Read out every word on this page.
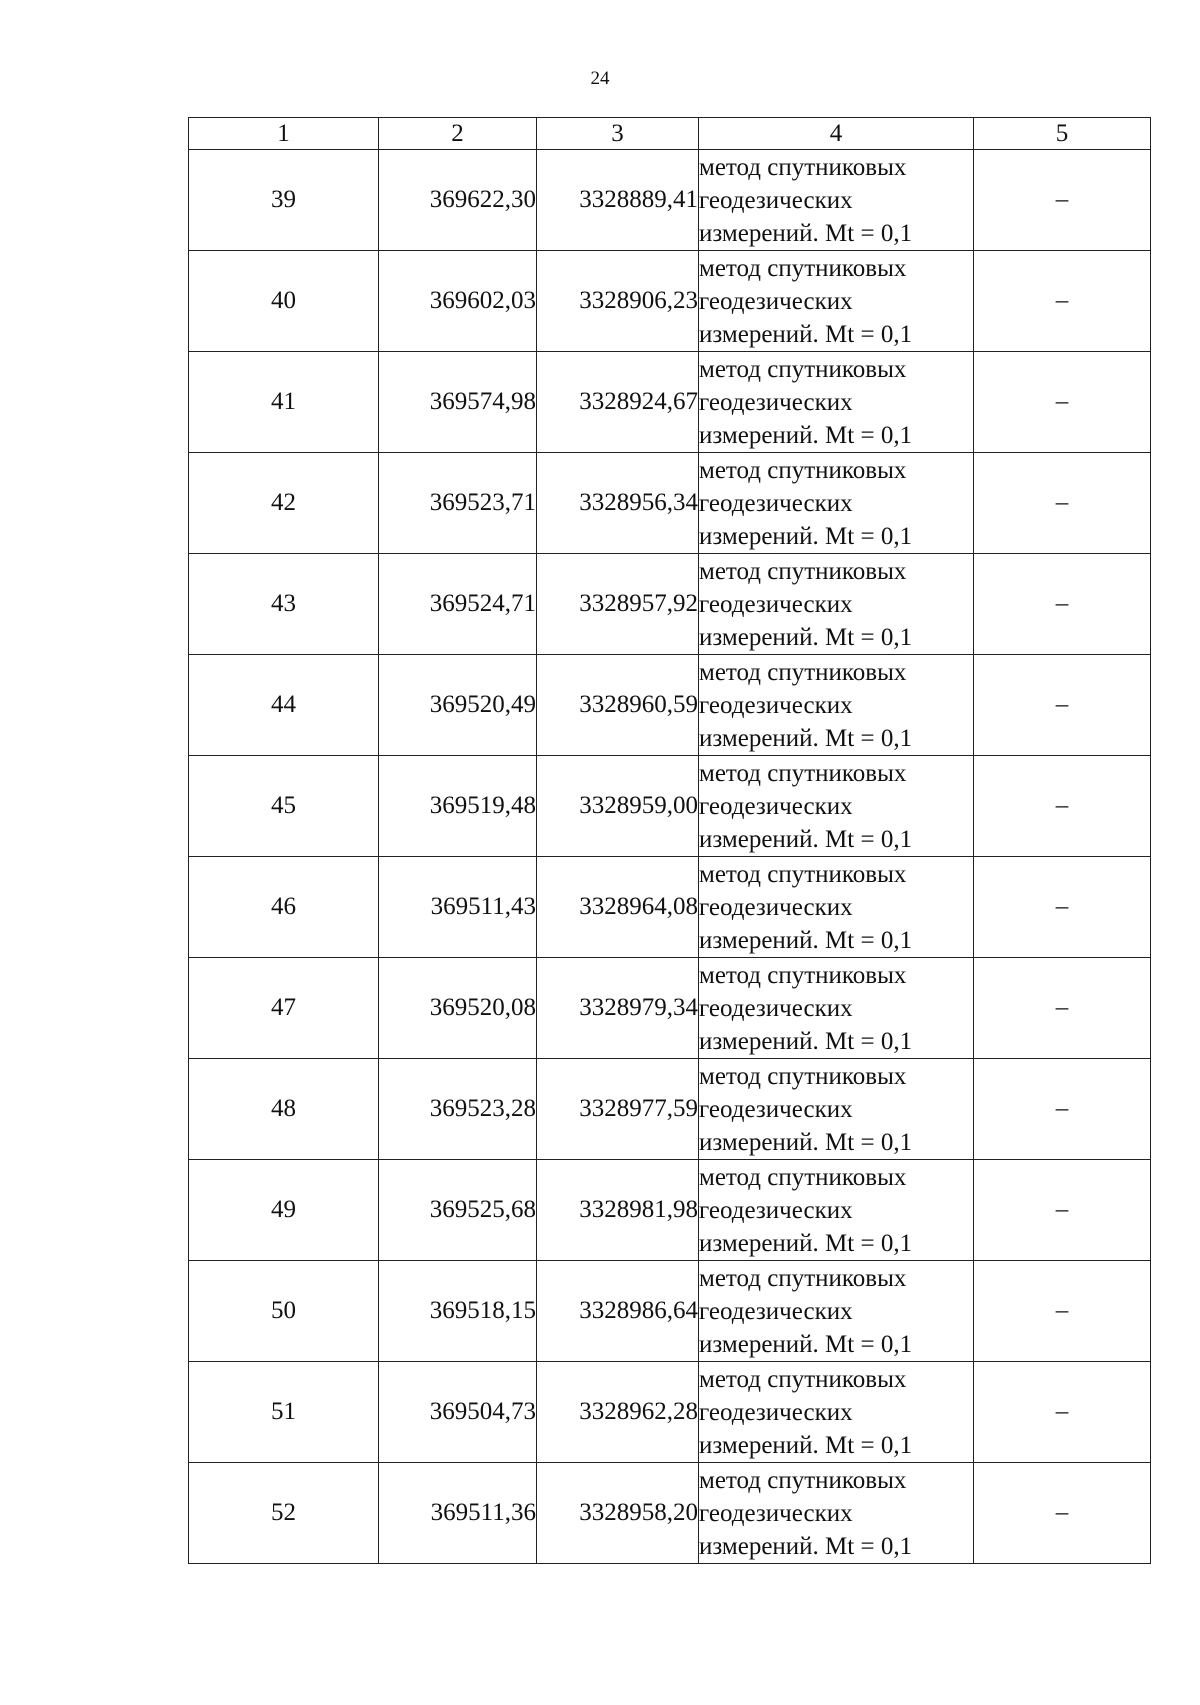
24
1	2	3	4	5
39	369622,30	3328889,41	метод спутниковых
геодезических
измерений. Mt = 0,1	–
40	369602,03	3328906,23	метод спутниковых
геодезических
измерений. Mt = 0,1	–
41	369574,98	3328924,67	метод спутниковых
геодезических
измерений. Mt = 0,1	–
42	369523,71	3328956,34	метод спутниковых
геодезических
измерений. Mt = 0,1	–
43	369524,71	3328957,92	метод спутниковых
геодезических
измерений. Mt = 0,1	–
44	369520,49	3328960,59	метод спутниковых
геодезических
измерений. Mt = 0,1	–
45	369519,48	3328959,00	метод спутниковых
геодезических
измерений. Mt = 0,1	–
46	369511,43	3328964,08	метод спутниковых
геодезических
измерений. Mt = 0,1	–
47	369520,08	3328979,34	метод спутниковых
геодезических
измерений. Mt = 0,1	–
48	369523,28	3328977,59	метод спутниковых
геодезических
измерений. Mt = 0,1	–
49	369525,68	3328981,98	метод спутниковых
геодезических
измерений. Mt = 0,1	–
50	369518,15	3328986,64	метод спутниковых
геодезических
измерений. Mt = 0,1	–
51	369504,73	3328962,28	метод спутниковых
геодезических
измерений. Mt = 0,1	–
52	369511,36	3328958,20	метод спутниковых
геодезических
измерений. Mt = 0,1	–
